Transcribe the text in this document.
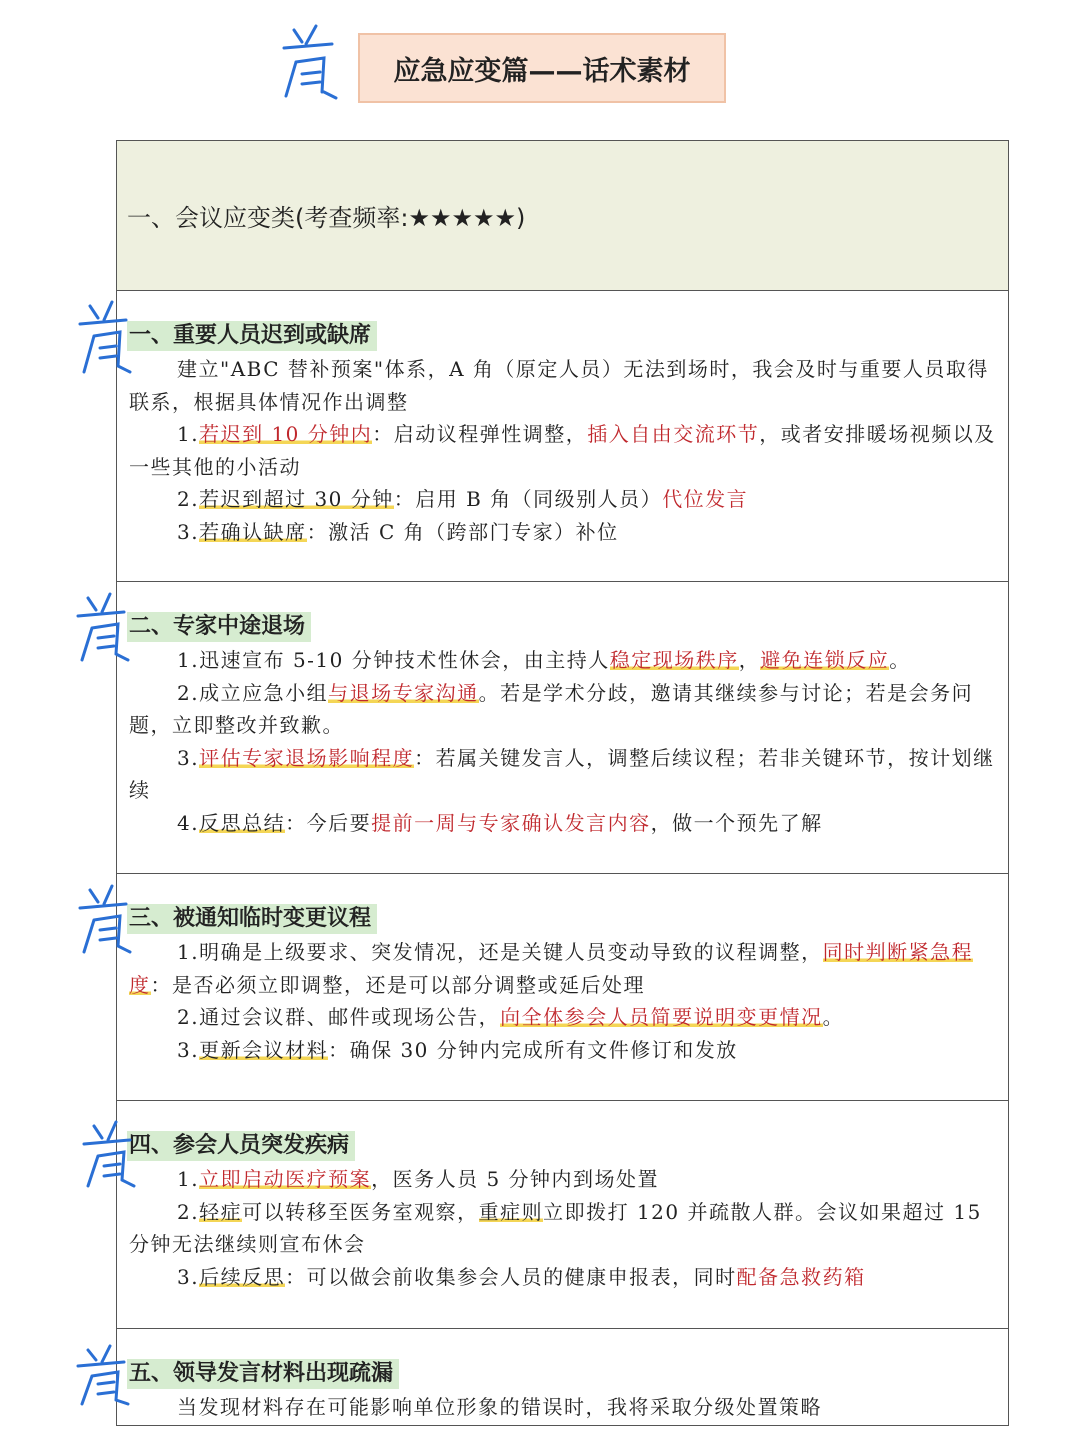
应急应变篇——话术素材
一、会议应变类(考查频率:★★★★★)
一、重要人员迟到或缺席

建立"ABC 替补预案"体系，A 角（原定人员）无法到场时，我会及时与重要人员取得联系，根据具体情况作出调整

1.若迟到 10 分钟内：启动议程弹性调整，插入自由交流环节，或者安排暖场视频以及一些其他的小活动

2.若迟到超过 30 分钟：启用 B 角（同级别人员）代位发言

3.若确认缺席：激活 C 角（跨部门专家）补位

二、专家中途退场

1.迅速宣布 5-10 分钟技术性休会，由主持人稳定现场秩序，避免连锁反应。

2.成立应急小组与退场专家沟通。若是学术分歧，邀请其继续参与讨论；若是会务问题，立即整改并致歉。

3.评估专家退场影响程度：若属关键发言人，调整后续议程；若非关键环节，按计划继续

4.反思总结：今后要提前一周与专家确认发言内容，做一个预先了解

三、被通知临时变更议程

1.明确是上级要求、突发情况，还是关键人员变动导致的议程调整，同时判断紧急程度：是否必须立即调整，还是可以部分调整或延后处理

2.通过会议群、邮件或现场公告，向全体参会人员简要说明变更情况。

3.更新会议材料：确保 30 分钟内完成所有文件修订和发放

四、参会人员突发疾病

1.立即启动医疗预案，医务人员 5 分钟内到场处置

2.轻症可以转移至医务室观察，重症则立即拨打 120 并疏散人群。会议如果超过 15 分钟无法继续则宣布休会

3.后续反思：可以做会前收集参会人员的健康申报表，同时配备急救药箱

五、领导发言材料出现疏漏

当发现材料存在可能影响单位形象的错误时，我将采取分级处置策略
